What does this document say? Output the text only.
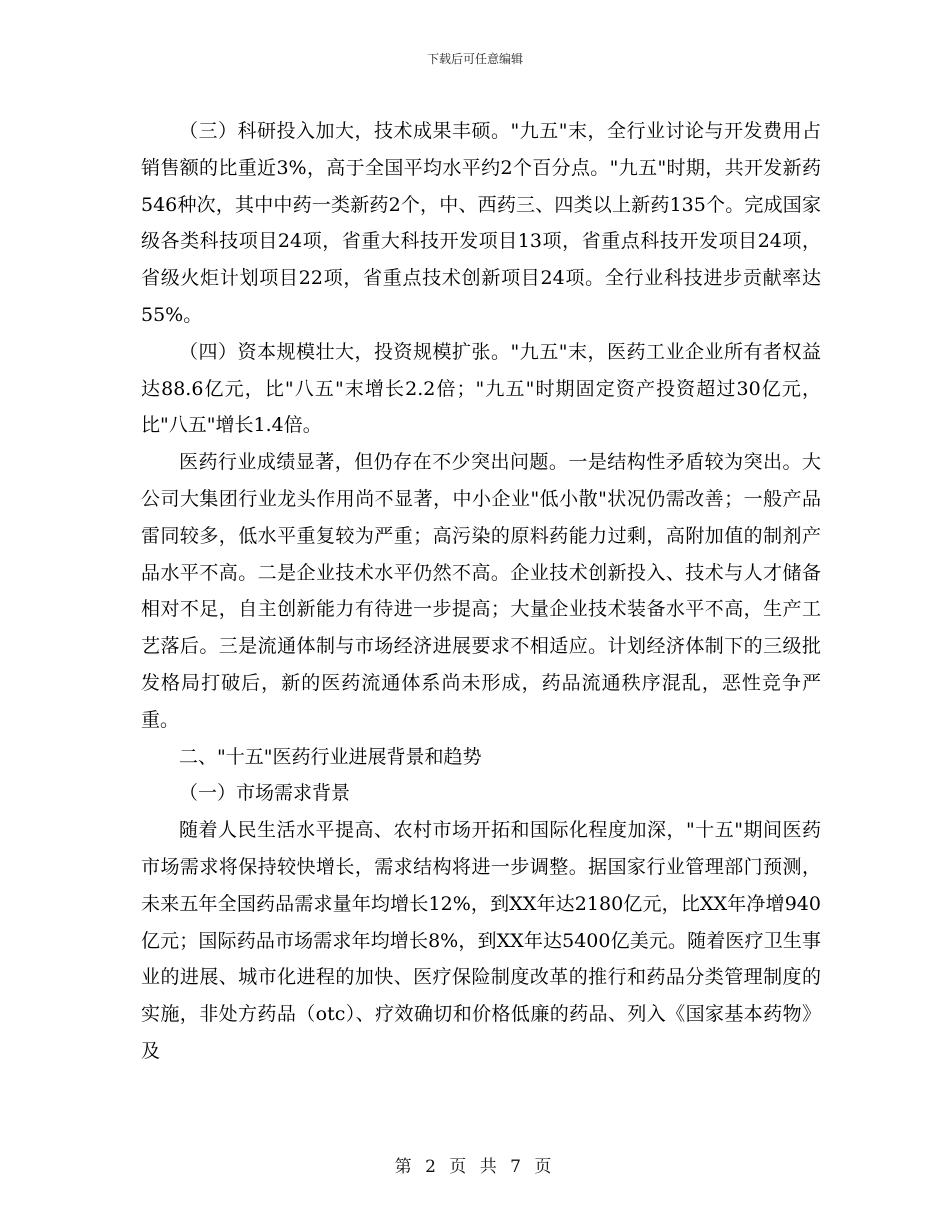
下载后可任意编辑

（三）科研投入加大，技术成果丰硕。"九五"末，全行业讨论与开发费用占销售额的比重近3%，高于全国平均水平约2个百分点。"九五"时期，共开发新药546种次，其中中药一类新药2个，中、西药三、四类以上新药135个。完成国家级各类科技项目24项，省重大科技开发项目13项，省重点科技开发项目24项，省级火炬计划项目22项，省重点技术创新项目24项。全行业科技进步贡献率达55%。

（四）资本规模壮大，投资规模扩张。"九五"末，医药工业企业所有者权益达88.6亿元，比"八五"末增长2.2倍；"九五"时期固定资产投资超过30亿元，比"八五"增长1.4倍。

医药行业成绩显著，但仍存在不少突出问题。一是结构性矛盾较为突出。大公司大集团行业龙头作用尚不显著，中小企业"低小散"状况仍需改善；一般产品雷同较多，低水平重复较为严重；高污染的原料药能力过剩，高附加值的制剂产品水平不高。二是企业技术水平仍然不高。企业技术创新投入、技术与人才储备相对不足，自主创新能力有待进一步提高；大量企业技术装备水平不高，生产工艺落后。三是流通体制与市场经济进展要求不相适应。计划经济体制下的三级批发格局打破后，新的医药流通体系尚未形成，药品流通秩序混乱，恶性竞争严重。

二、"十五"医药行业进展背景和趋势

（一）市场需求背景

随着人民生活水平提高、农村市场开拓和国际化程度加深，"十五"期间医药市场需求将保持较快增长，需求结构将进一步调整。据国家行业管理部门预测，未来五年全国药品需求量年均增长12%，到XX年达2180亿元，比XX年净增940亿元；国际药品市场需求年均增长8%，到XX年达5400亿美元。随着医疗卫生事业的进展、城市化进程的加快、医疗保险制度改革的推行和药品分类管理制度的实施，非处方药品（otc）、疗效确切和价格低廉的药品、列入《国家基本药物》及

第 2 页 共 7 页
